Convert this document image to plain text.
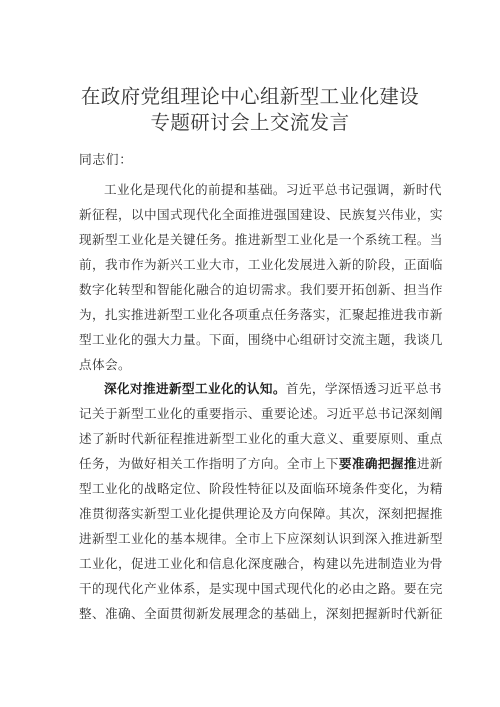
在政府党组理论中心组新型工业化建设
专题研讨会上交流发言
同志们：
工业化是现代化的前提和基础。习近平总书记强调，新时代
新征程，以中国式现代化全面推进强国建设、民族复兴伟业，实
现新型工业化是关键任务。推进新型工业化是一个系统工程。当
前，我市作为新兴工业大市，工业化发展进入新的阶段，正面临
数字化转型和智能化融合的迫切需求。我们要开拓创新、担当作
为，扎实推进新型工业化各项重点任务落实，汇聚起推进我市新
型工业化的强大力量。下面，围绕中心组研讨交流主题，我谈几
点体会。
深化对推进新型工业化的认知。首先，学深悟透习近平总书
记关于新型工业化的重要指示、重要论述。习近平总书记深刻阐
述了新时代新征程推进新型工业化的重大意义、重要原则、重点
任务，为做好相关工作指明了方向。全市上下要准确把握推进新
型工业化的战略定位、阶段性特征以及面临环境条件变化，为精
准贯彻落实新型工业化提供理论及方向保障。其次，深刻把握推
进新型工业化的基本规律。全市上下应深刻认识到深入推进新型
工业化，促进工业化和信息化深度融合，构建以先进制造业为骨
干的现代化产业体系，是实现中国式现代化的必由之路。要在完
整、准确、全面贯彻新发展理念的基础上，深刻把握新时代新征
